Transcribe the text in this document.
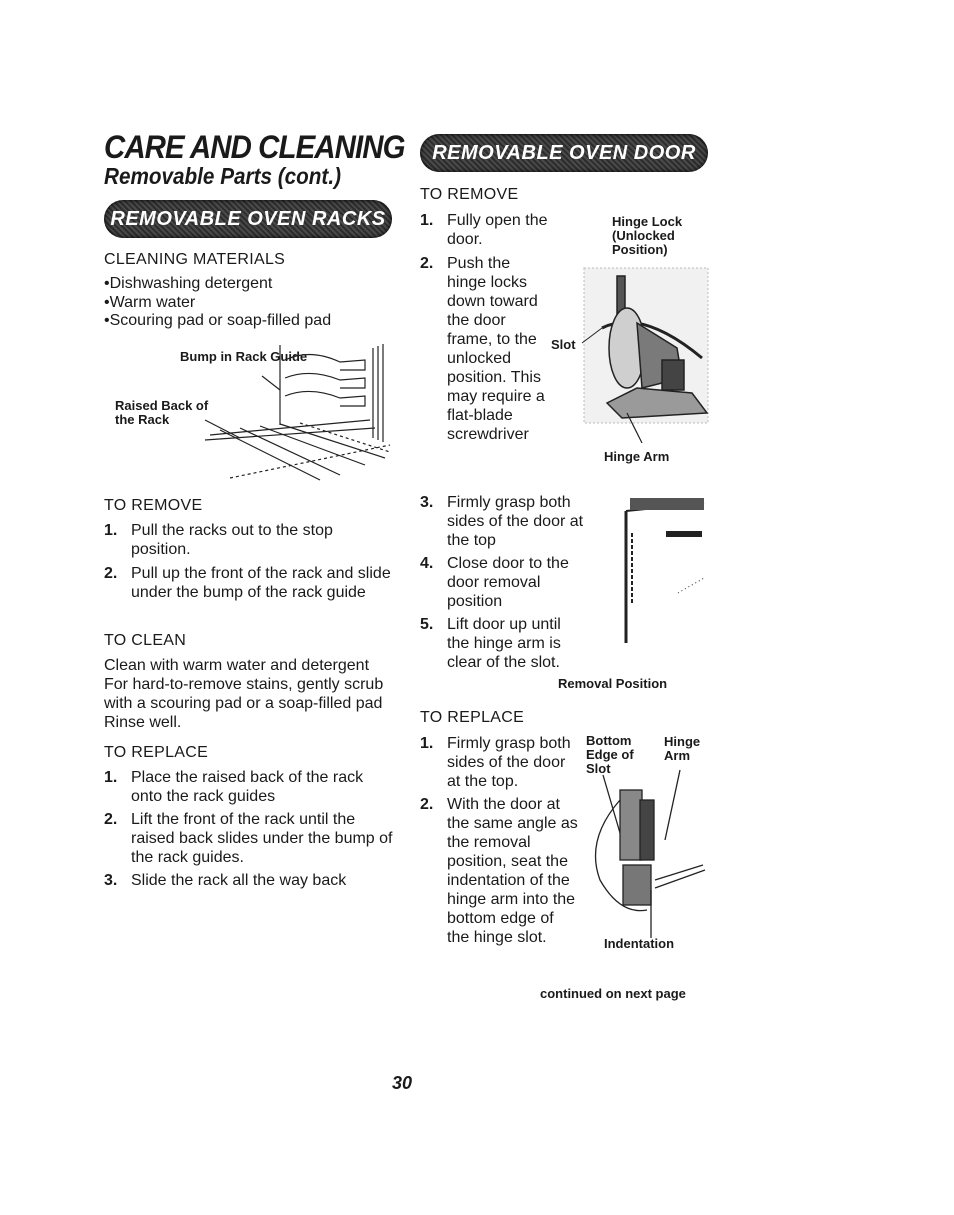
CARE AND CLEANING
Removable Parts (cont.)
REMOVABLE OVEN RACKS
CLEANING MATERIALS
• Dishwashing detergent
• Warm water
• Scouring pad or soap-filled pad
Bump in Rack Guide
Raised Back of the Rack
TO REMOVE
1. Pull the racks out to the stop position.
2. Pull up the front of the rack and slide under the bump of the rack guide
TO CLEAN
Clean with warm water and detergent For hard-to-remove stains, gently scrub with a scouring pad or a soap-filled pad Rinse well.
TO REPLACE
1. Place the raised back of the rack onto the rack guides
2. Lift the front of the rack until the raised back slides under the bump of the rack guides.
3. Slide the rack all the way back
REMOVABLE OVEN DOOR
TO REMOVE
1. Fully open the door.
2. Push the hinge locks down toward the door frame, to the unlocked position. This may require a flat-blade screwdriver
Hinge Lock (Unlocked Position)
Slot
Hinge Arm
3. Firmly grasp both sides of the door at the top
4. Close door to the door removal position
5. Lift door up until the hinge arm is clear of the slot.
Removal Position
TO REPLACE
1. Firmly grasp both sides of the door at the top.
2. With the door at the same angle as the removal position, seat the indentation of the hinge arm into the bottom edge of the hinge slot.
Bottom Edge of Slot
Hinge Arm
Indentation
continued on next page
30
